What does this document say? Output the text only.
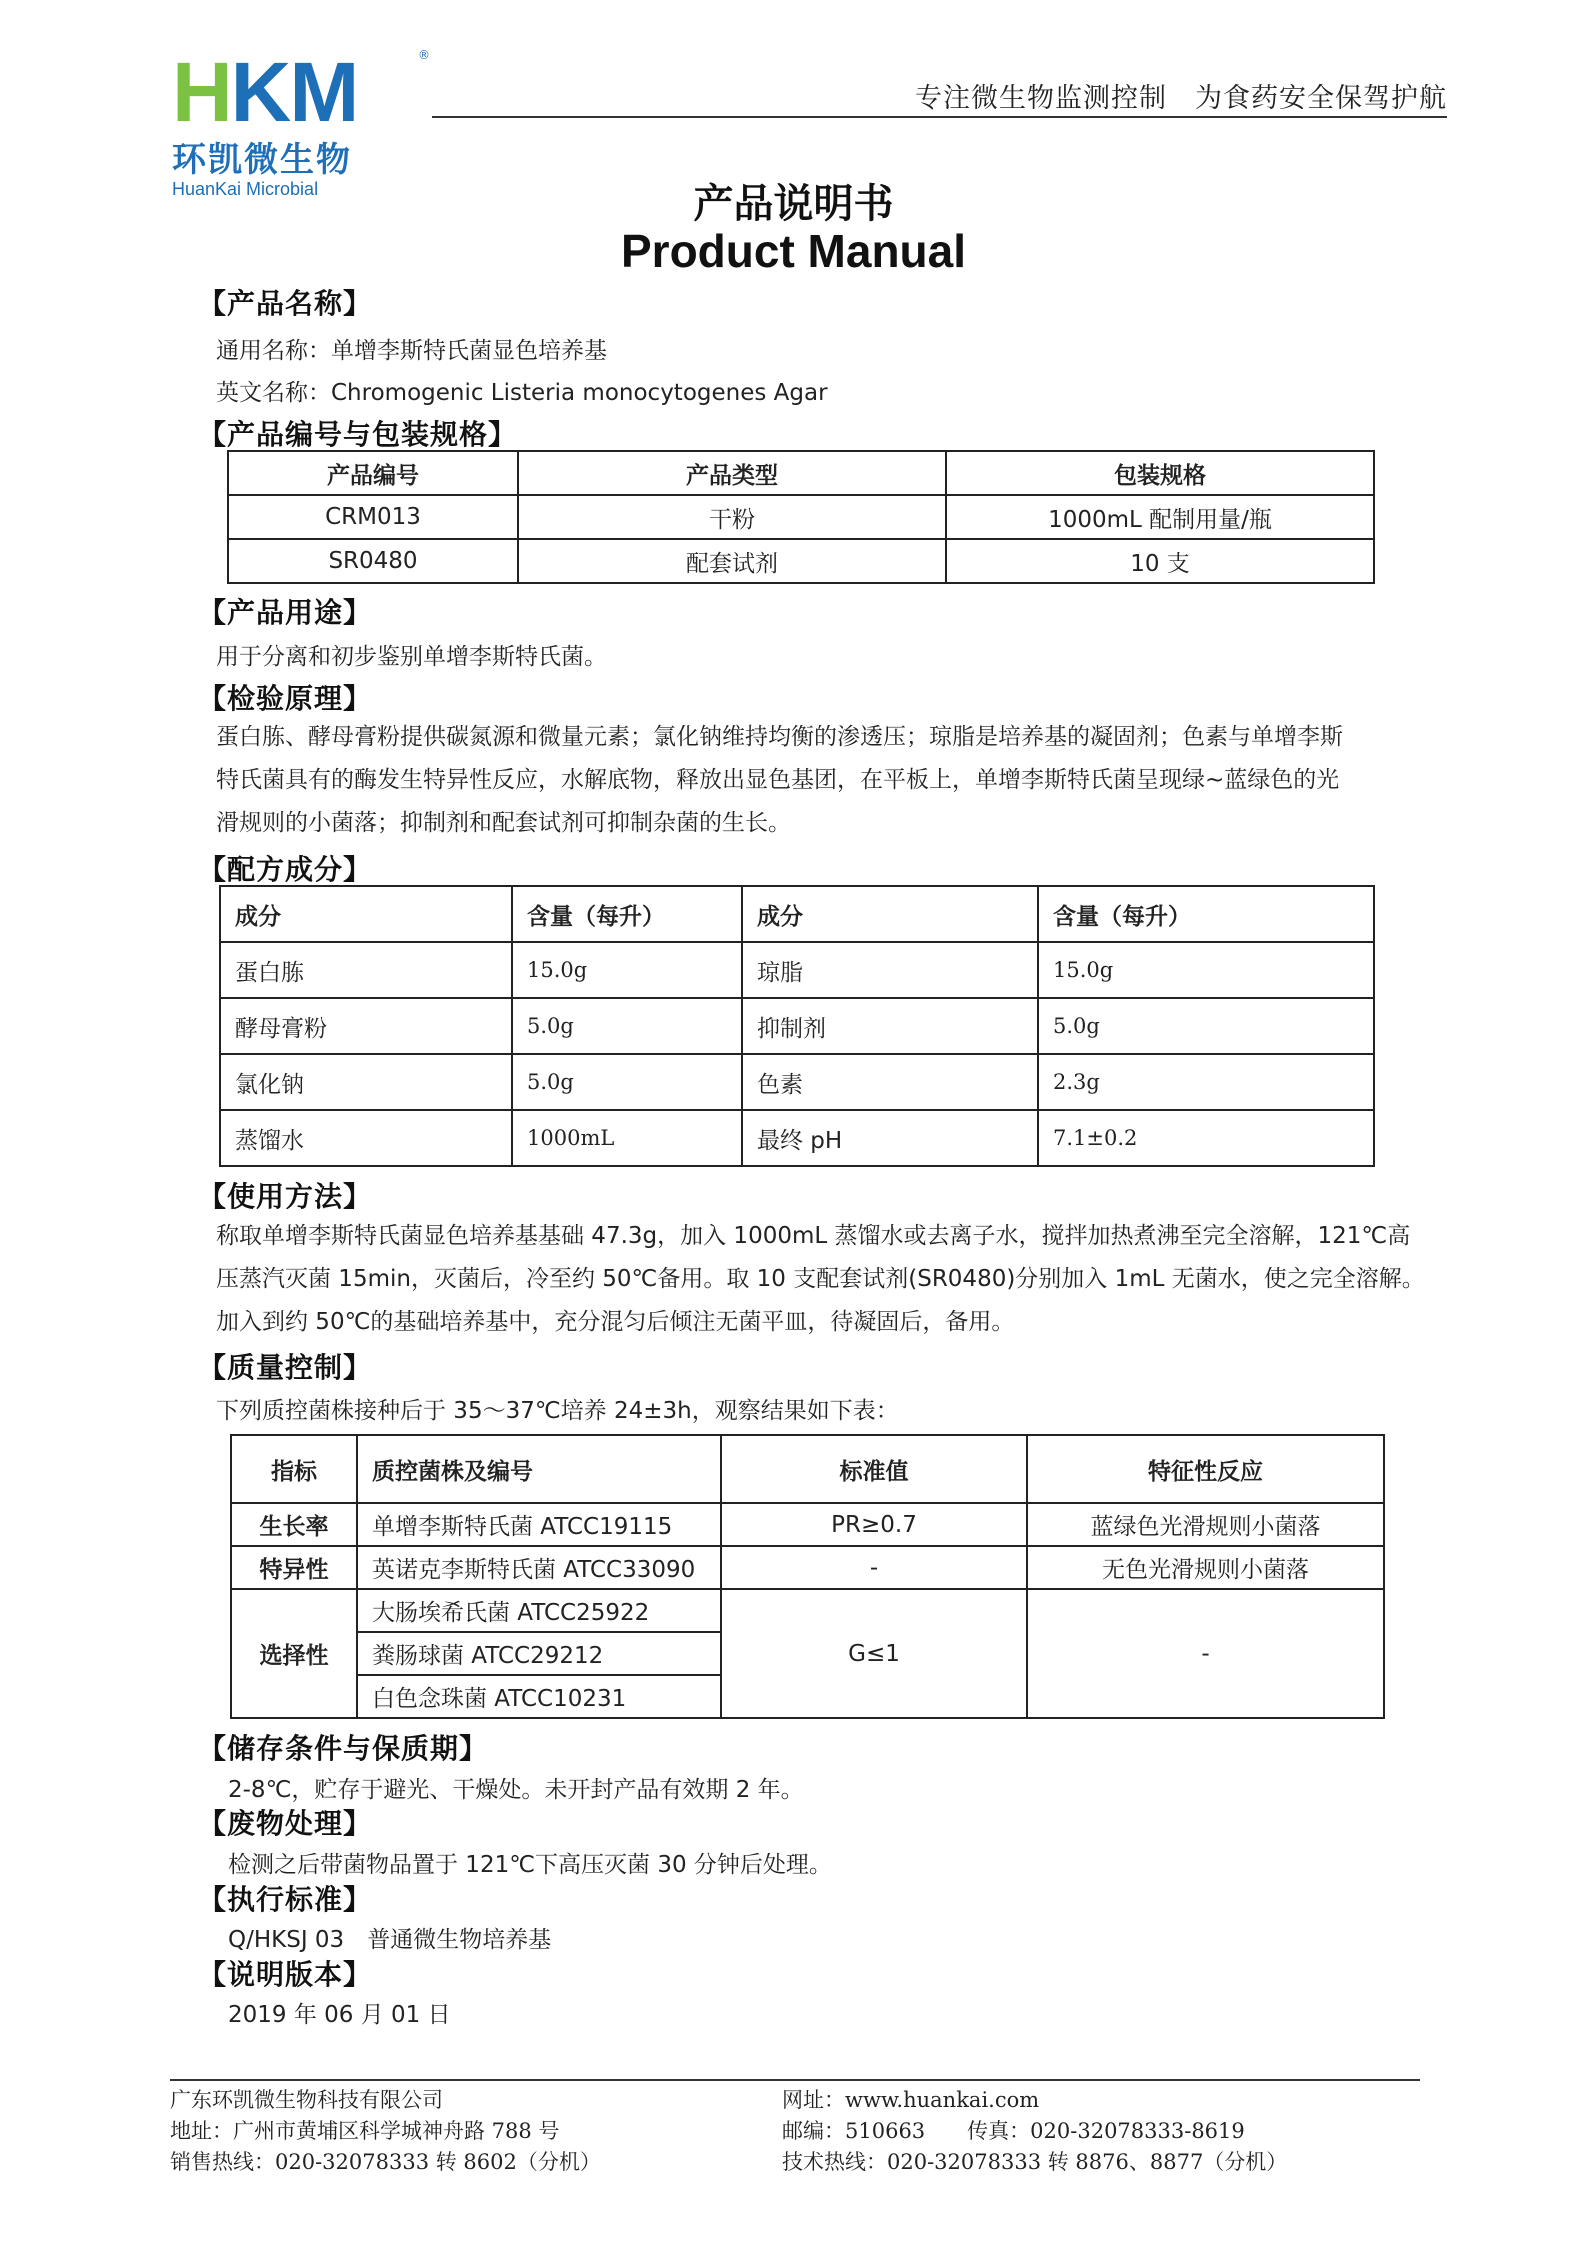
HKM	®
环凯微生物
HuanKai Microbial
专注微生物监测控制　为食药安全保驾护航
产品说明书
Product Manual
【产品名称】
通用名称：单增李斯特氏菌显色培养基
英文名称：Chromogenic Listeria monocytogenes Agar
【产品编号与包装规格】
产品编号	产品类型	包装规格
CRM013	干粉	1000mL 配制用量/瓶
SR0480	配套试剂	10 支
【产品用途】
用于分离和初步鉴别单增李斯特氏菌。
【检验原理】
蛋白胨、酵母膏粉提供碳氮源和微量元素；氯化钠维持均衡的渗透压；琼脂是培养基的凝固剂；色素与单增李斯
特氏菌具有的酶发生特异性反应，水解底物，释放出显色基团，在平板上，单增李斯特氏菌呈现绿~蓝绿色的光
滑规则的小菌落；抑制剂和配套试剂可抑制杂菌的生长。
【配方成分】
成分	含量（每升）	成分	含量（每升）
蛋白胨	15.0g	琼脂	15.0g
酵母膏粉	5.0g	抑制剂	5.0g
氯化钠	5.0g	色素	2.3g
蒸馏水	1000mL	最终 pH	7.1±0.2
【使用方法】
称取单增李斯特氏菌显色培养基基础 47.3g，加入 1000mL 蒸馏水或去离子水，搅拌加热煮沸至完全溶解，121℃高
压蒸汽灭菌 15min，灭菌后，冷至约 50℃备用。取 10 支配套试剂(SR0480)分别加入 1mL 无菌水，使之完全溶解。
加入到约 50℃的基础培养基中，充分混匀后倾注无菌平皿，待凝固后，备用。
【质量控制】
下列质控菌株接种后于 35～37℃培养 24±3h，观察结果如下表：
指标	质控菌株及编号	标准值	特征性反应
生长率	单增李斯特氏菌 ATCC19115	PR≥0.7	蓝绿色光滑规则小菌落
特异性	英诺克李斯特氏菌 ATCC33090	-	无色光滑规则小菌落
选择性	大肠埃希氏菌 ATCC25922	G≤1	-
	粪肠球菌 ATCC29212		
	白色念珠菌 ATCC10231		
【储存条件与保质期】
2-8℃，贮存于避光、干燥处。未开封产品有效期 2 年。
【废物处理】
检测之后带菌物品置于 121℃下高压灭菌 30 分钟后处理。
【执行标准】
Q/HKSJ 03　普通微生物培养基
【说明版本】
2019 年 06 月 01 日
广东环凯微生物科技有限公司
地址：广州市黄埔区科学城神舟路 788 号
销售热线：020-32078333 转 8602（分机）
网址：www.huankai.com
邮编：510663　　传真：020-32078333-8619
技术热线：020-32078333 转 8876、8877（分机）
